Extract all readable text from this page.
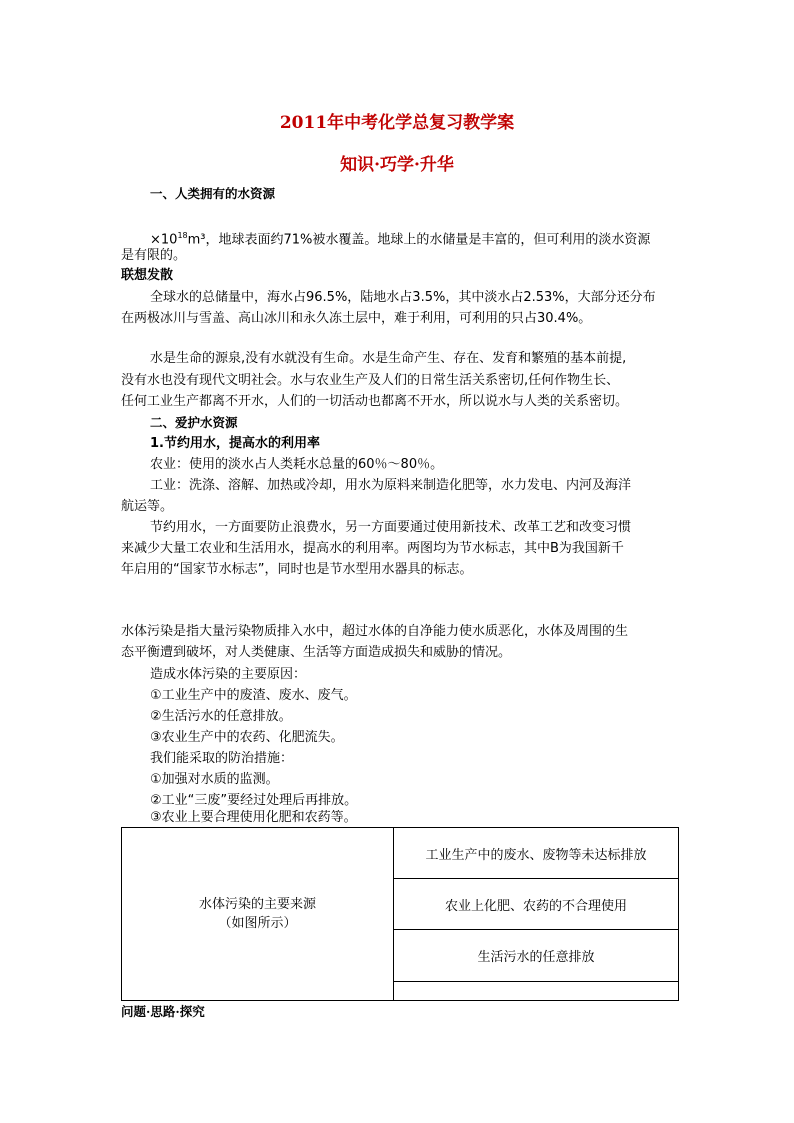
2011年中考化学总复习教学案
知识·巧学·升华
一、人类拥有的水资源
$\times 10^{18}m^3$，地球表面约71%被水覆盖。地球上的水储量是丰富的，但可利用的淡水资源
是有限的。
联想发散
全球水的总储量中，海水占96.5%，陆地水占3.5%，其中淡水占2.53%，大部分还分布
在两极冰川与雪盖、高山冰川和永久冻土层中，难于利用，可利用的只占30.4%。
水是生命的源泉,没有水就没有生命。水是生命产生、存在、发育和繁殖的基本前提,
没有水也没有现代文明社会。水与农业生产及人们的日常生活关系密切,任何作物生长、
任何工业生产都离不开水，人们的一切活动也都离不开水，所以说水与人类的关系密切。
二、爱护水资源
1.节约用水，提高水的利用率
农业：使用的淡水占人类耗水总量的60％～80％。
工业：洗涤、溶解、加热或冷却，用水为原料来制造化肥等，水力发电、内河及海洋
航运等。
节约用水，一方面要防止浪费水，另一方面要通过使用新技术、改革工艺和改变习惯
来减少大量工农业和生活用水，提高水的利用率。两图均为节水标志，其中B为我国新千
年启用的“国家节水标志”，同时也是节水型用水器具的标志。
水体污染是指大量污染物质排入水中，超过水体的自净能力使水质恶化，水体及周围的生
态平衡遭到破坏，对人类健康、生活等方面造成损失和威胁的情况。
造成水体污染的主要原因：
①工业生产中的废渣、废水、废气。
②生活污水的任意排放。
③农业生产中的农药、化肥流失。
我们能采取的防治措施：
①加强对水质的监测。
②工业“三废”要经过处理后再排放。
③农业上要合理使用化肥和农药等。
水体污染的主要来源
（如图所示）
	工业生产中的废水、废物等未达标排放
农业上化肥、农药的不合理使用
生活污水的任意排放

问题·思路·探究
